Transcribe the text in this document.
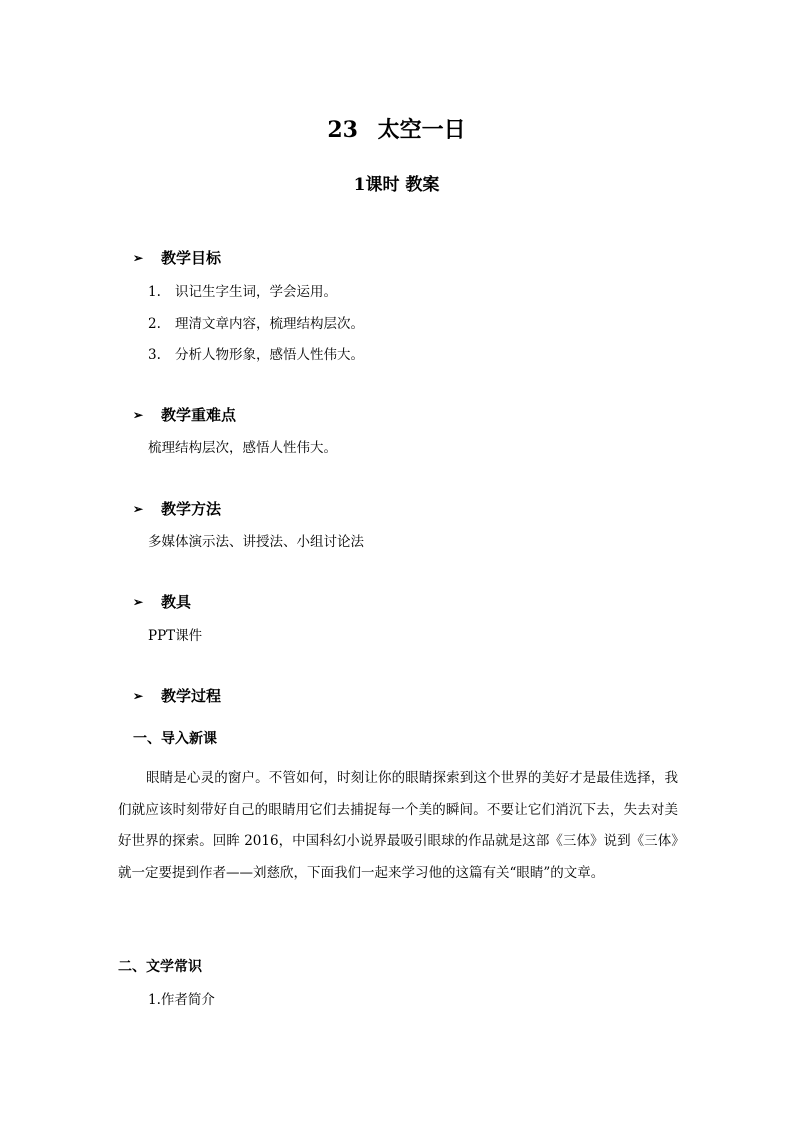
23 太空一日
1课时 教案
➢ 教学目标
1. 识记生字生词，学会运用。
2. 理清文章内容，梳理结构层次。
3. 分析人物形象，感悟人性伟大。
➢ 教学重难点
梳理结构层次，感悟人性伟大。
➢ 教学方法
多媒体演示法、讲授法、小组讨论法
➢ 教具
PPT课件
➢ 教学过程
一、导入新课
眼睛是心灵的窗户。不管如何，时刻让你的眼睛探索到这个世界的美好才是最佳选择，我们就应该时刻带好自己的眼睛用它们去捕捉每一个美的瞬间。不要让它们消沉下去，失去对美好世界的探索。回眸 2016，中国科幻小说界最吸引眼球的作品就是这部《三体》说到《三体》就一定要提到作者——刘慈欣，下面我们一起来学习他的这篇有关“眼睛”的文章。
二、文学常识
1.作者简介
